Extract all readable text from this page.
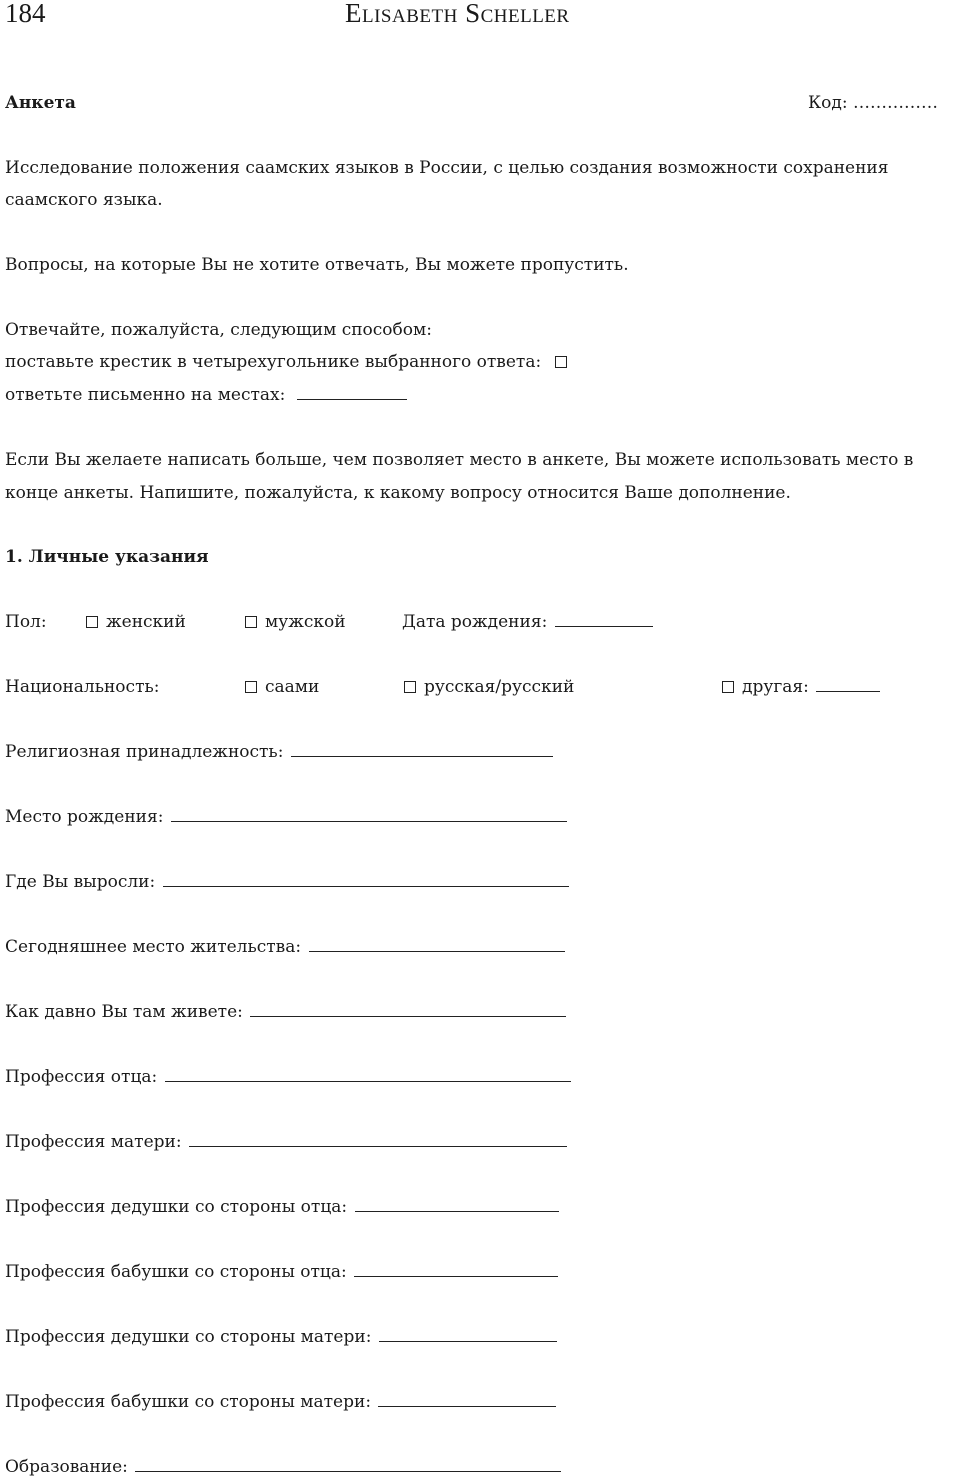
184	Elisabeth Scheller
Анкета	Код: ……………
Исследование положения саамских языков в России, с целью создания возможности сохранения
саамского языка.
Вопросы, на которые Вы не хотите отвечать, Вы можете пропустить.
Отвечайте, пожалуйста, следующим способом:
поставьте крестик в четырехугольнике выбранного ответа:
ответьте письменно на местах:
Если Вы желаете написать больше, чем позволяет место в анкете, Вы можете использовать место в
конце анкеты. Напишите, пожалуйста, к какому вопросу относится Ваше дополнение.
1. Личные указания
Пол:	женский	мужской	Дата рождения:
Национальность:	саами	русская/русский	другая:
Религиозная принадлежность:
Место рождения:
Где Вы выросли:
Сегодняшнее место жительства:
Как давно Вы там живете:
Профессия отца:
Профессия матери:
Профессия дедушки со стороны отца:
Профессия бабушки со стороны отца:
Профессия дедушки со стороны матери:
Профессия бабушки со стороны матери:
Образование:
